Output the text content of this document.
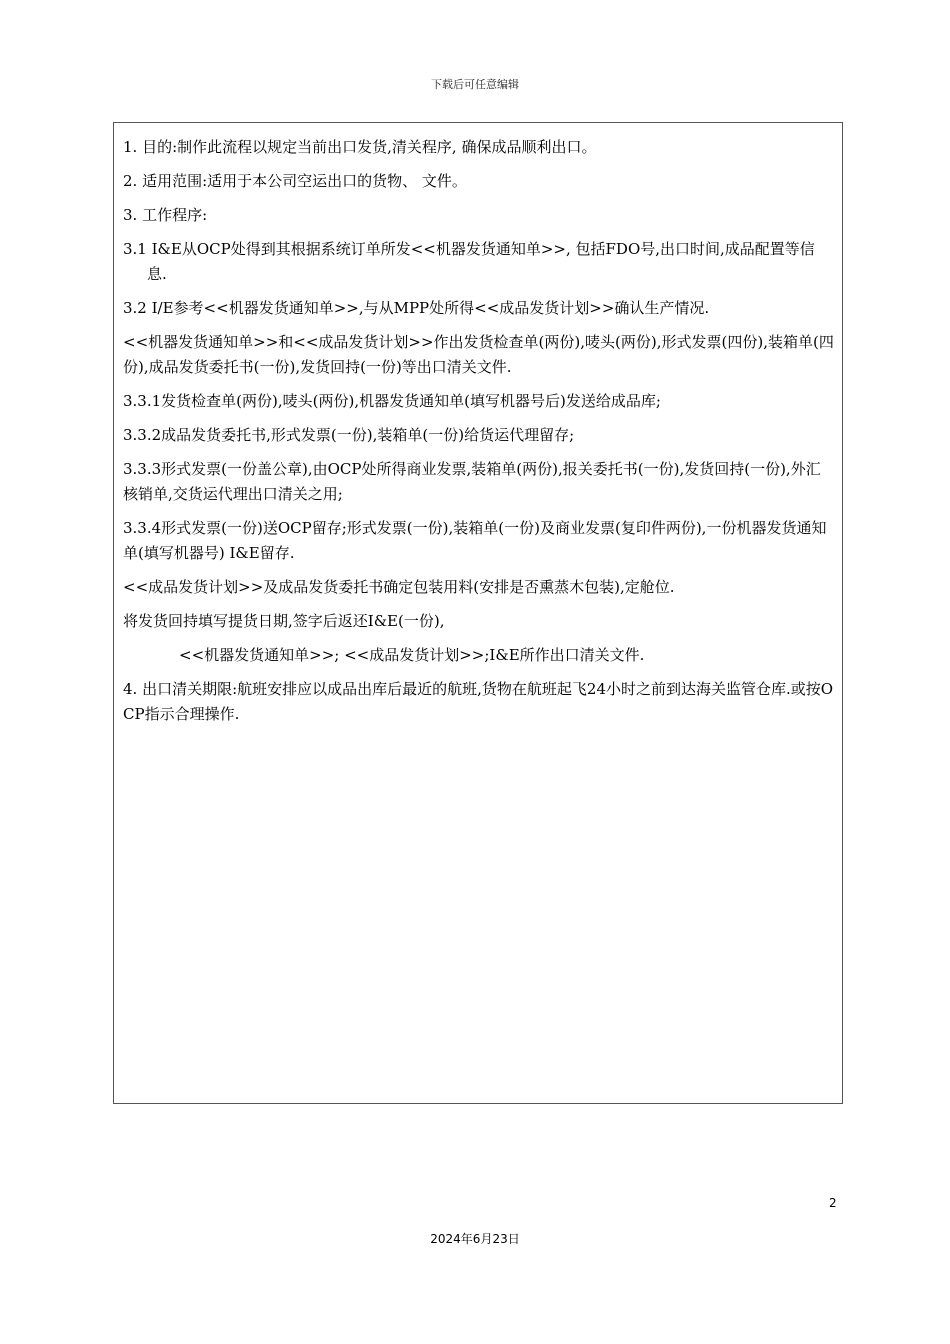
下载后可任意编辑

1. 目的:制作此流程以规定当前出口发货,清关程序, 确保成品顺利出口。

2. 适用范围:适用于本公司空运出口的货物、 文件。

3. 工作程序:

3.1 I&E从OCP处得到其根据系统订单所发<<机器发货通知单>>, 包括FDO号,出口时间,成品配置等信息.

3.2 I/E参考<<机器发货通知单>>,与从MPP处所得<<成品发货计划>>确认生产情况.

<<机器发货通知单>>和<<成品发货计划>>作出发货检查单(两份),唛头(两份),形式发票(四份),装箱单(四份),成品发货委托书(一份),发货回持(一份)等出口清关文件.

3.3.1发货检查单(两份),唛头(两份),机器发货通知单(填写机器号后)发送给成品库;

3.3.2成品发货委托书,形式发票(一份),装箱单(一份)给货运代理留存;

3.3.3形式发票(一份盖公章),由OCP处所得商业发票,装箱单(两份),报关委托书(一份),发货回持(一份),外汇核销单,交货运代理出口清关之用;

3.3.4形式发票(一份)送OCP留存;形式发票(一份),装箱单(一份)及商业发票(复印件两份),一份机器发货通知单(填写机器号) I&E留存.

<<成品发货计划>>及成品发货委托书确定包装用料(安排是否熏蒸木包装),定舱位.

将发货回持填写提货日期,签字后返还I&E(一份),

<<机器发货通知单>>; <<成品发货计划>>;I&E所作出口清关文件.

4. 出口清关期限:航班安排应以成品出库后最近的航班,货物在航班起飞24小时之前到达海关监管仓库.或按OCP指示合理操作.

2
2024年6月23日
